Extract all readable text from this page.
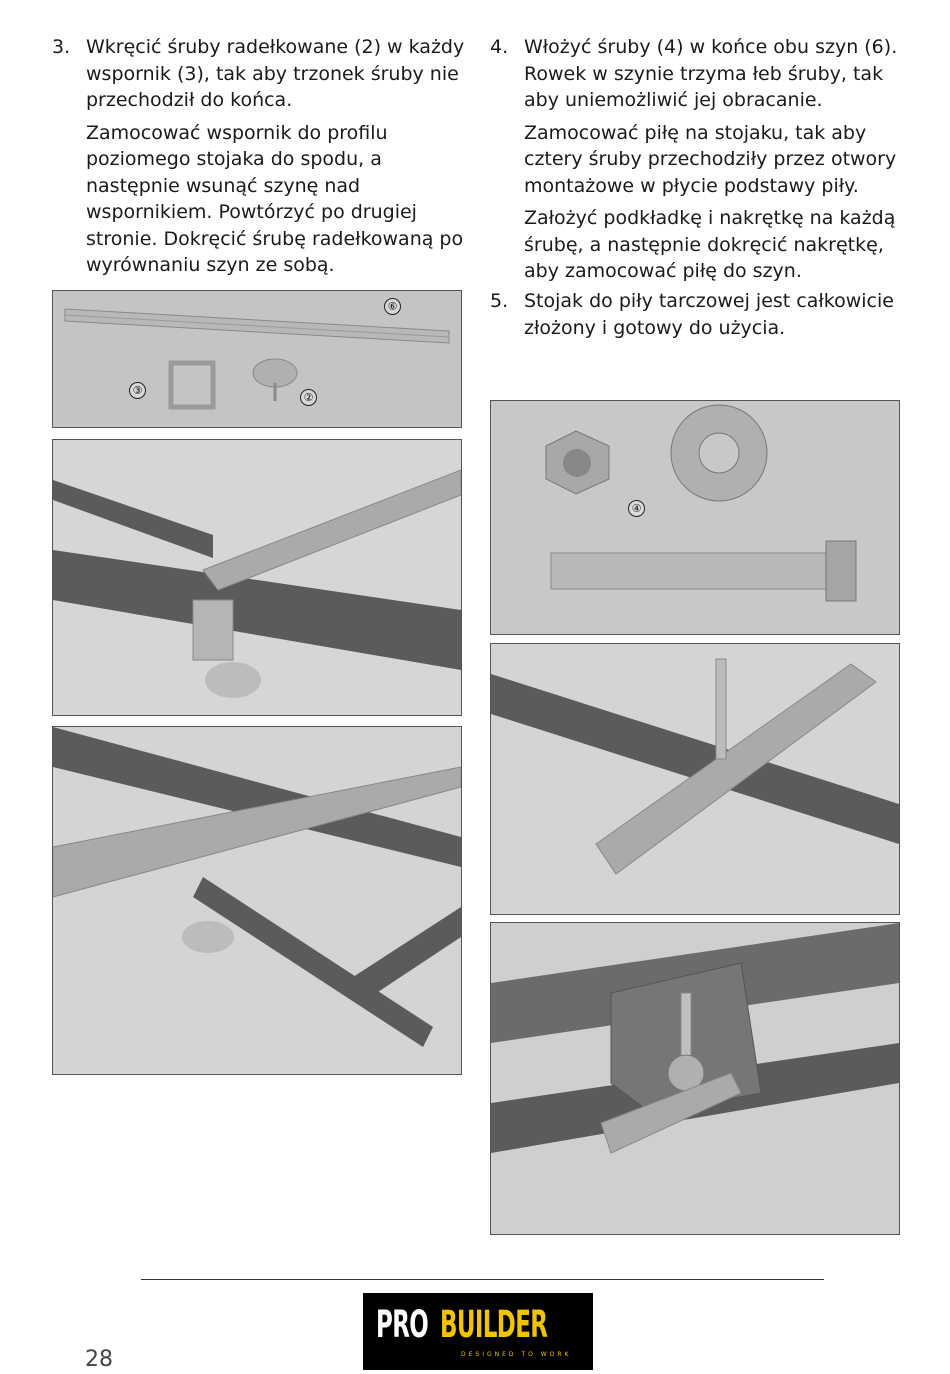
3. Wkręcić śruby radełkowane (2) w każdy wspornik (3), tak aby trzonek śruby nie przechodził do końca.

Zamocować wspornik do profilu poziomego stojaka do spodu, a następnie wsunąć szynę nad wspornikiem. Powtórzyć po drugiej stronie. Dokręcić śrubę radełkowaną po wyrównaniu szyn ze sobą.

4. Włożyć śruby (4) w końce obu szyn (6). Rowek w szynie trzyma łeb śruby, tak aby uniemożliwić jej obracanie.

Zamocować piłę na stojaku, tak aby cztery śruby przechodziły przez otwory montażowe w płycie podstawy piły.

Założyć podkładkę i nakrętkę na każdą śrubę, a następnie dokręcić nakrętkę, aby zamocować piłę do szyn.

5. Stojak do piły tarczowej jest całkowicie złożony i gotowy do użycia.

⑥
③
②
④
28
PRO BUILDER
DESIGNED TO WORK
